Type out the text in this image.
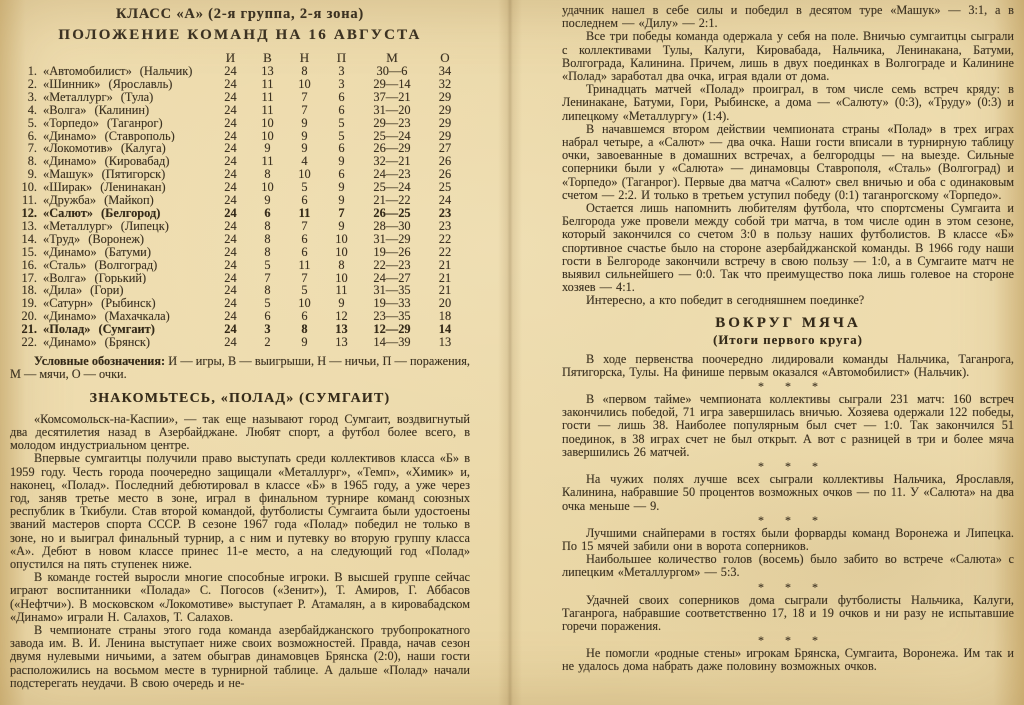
КЛАСС «А» (2-я группа, 2-я зона)
ПОЛОЖЕНИЕ КОМАНД НА 16 АВГУСТА
		И	В	Н	П	М	О
1.	«Автомобилист» (Нальчик)	24	13	8	3	30—6	34
2.	«Шинник» (Ярославль)	24	11	10	3	29—14	32
3.	«Металлург» (Тула)	24	11	7	6	37—21	29
4.	«Волга» (Калинин)	24	11	7	6	31—20	29
5.	«Торпедо» (Таганрог)	24	10	9	5	29—23	29
6.	«Динамо» (Ставрополь)	24	10	9	5	25—24	29
7.	«Локомотив» (Калуга)	24	9	9	6	26—29	27
8.	«Динамо» (Кировабад)	24	11	4	9	32—21	26
9.	«Машук» (Пятигорск)	24	8	10	6	24—23	26
10.	«Ширак» (Ленинакан)	24	10	5	9	25—24	25
11.	«Дружба» (Майкоп)	24	9	6	9	21—22	24
12.	«Салют» (Белгород)	24	6	11	7	26—25	23
13.	«Металлург» (Липецк)	24	8	7	9	28—30	23
14.	«Труд» (Воронеж)	24	8	6	10	31—29	22
15.	«Динамо» (Батуми)	24	8	6	10	19—26	22
16.	«Сталь» (Волгоград)	24	5	11	8	22—23	21
17.	«Волга» (Горький)	24	7	7	10	24—27	21
18.	«Дила» (Гори)	24	8	5	11	31—35	21
19.	«Сатурн» (Рыбинск)	24	5	10	9	19—33	20
20.	«Динамо» (Махачкала)	24	6	6	12	23—35	18
21.	«Полад» (Сумгаит)	24	3	8	13	12—29	14
22.	«Динамо» (Брянск)	24	2	9	13	14—39	13

Условные обозначения: И — игры, В — выигрыши, Н — ничьи, П — поражения, М — мячи, О — очки.

ЗНАКОМЬТЕСЬ, «ПОЛАД» (СУМГАИТ)

«Комсомольск-на-Каспии», — так еще называют город Сумгаит, воздвигнутый два десятилетия назад в Азербайджане. Любят спорт, а футбол более всего, в молодом индустриальном центре.

Впервые сумгаитцы получили право выступать среди коллективов класса «Б» в 1959 году. Честь города поочередно защищали «Металлург», «Темп», «Химик» и, наконец, «Полад». Последний дебютировал в классе «Б» в 1965 году, а уже через год, заняв третье место в зоне, играл в финальном турнире команд союзных республик в Ткибули. Став второй командой, футболисты Сумгаита были удостоены званий мастеров спорта СССР. В сезоне 1967 года «Полад» победил не только в зоне, но и выиграл финальный турнир, а с ним и путевку во вторую группу класса «А». Дебют в новом классе принес 11-е место, а на следующий год «Полад» опустился на пять ступенек ниже.

В команде гостей выросли многие способные игроки. В высшей группе сейчас играют воспитанники «Полада» С. Погосов («Зенит»), Т. Амиров, Г. Аббасов («Нефтчи»). В московском «Локомотиве» выступает Р. Атамалян, а в кировабадском «Динамо» играли Н. Салахов, Т. Салахов.

В чемпионате страны этого года команда азербайджанского трубопрокатного завода им. В. И. Ленина выступает ниже своих возможностей. Правда, начав сезон двумя нулевыми ничьими, а затем обыграв динамовцев Брянска (2:0), наши гости расположились на восьмом месте в турнирной таблице. А дальше «Полад» начали подстерегать неудачи. В свою очередь и не-

удачник нашел в себе силы и победил в десятом туре «Машук» — 3:1, а в последнем — «Дилу» — 2:1.

Все три победы команда одержала у себя на поле. Вничью сумгаитцы сыграли с коллективами Тулы, Калуги, Кировабада, Нальчика, Ленинакана, Батуми, Волгограда, Калинина. Причем, лишь в двух поединках в Волгограде и Калинине «Полад» заработал два очка, играя вдали от дома.

Тринадцать матчей «Полад» проиграл, в том числе семь встреч кряду: в Ленинакане, Батуми, Гори, Рыбинске, а дома — «Салюту» (0:3), «Труду» (0:3) и липецкому «Металлургу» (1:4).

В начавшемся втором действии чемпионата страны «Полад» в трех играх набрал четыре, а «Салют» — два очка. Наши гости вписали в турнирную таблицу очки, завоеванные в домашних встречах, а белгородцы — на выезде. Сильные соперники были у «Салюта» — динамовцы Ставрополя, «Сталь» (Волгоград) и «Торпедо» (Таганрог). Первые два матча «Салют» свел вничью и оба с одинаковым счетом — 2:2. И только в третьем уступил победу (0:1) таганрогскому «Торпедо».

Остается лишь напомнить любителям футбола, что спортсмены Сумгаита и Белгорода уже провели между собой три матча, в том числе один в этом сезоне, который закончился со счетом 3:0 в пользу наших футболистов. В классе «Б» спортивное счастье было на стороне азербайджанской команды. В 1966 году наши гости в Белгороде закончили встречу в свою пользу — 1:0, а в Сумгаите матч не выявил сильнейшего — 0:0. Так что преимущество пока лишь голевое на стороне хозяев — 4:1.

Интересно, а кто победит в сегодняшнем поединке?

ВОКРУГ МЯЧА
(Итоги первого круга)

В ходе первенства поочередно лидировали команды Нальчика, Таганрога, Пятигорска, Тулы. На финише первым оказался «Автомобилист» (Нальчик).

* * *

В «первом тайме» чемпионата коллективы сыграли 231 матч: 160 встреч закончились победой, 71 игра завершилась вничью. Хозяева одержали 122 победы, гости — лишь 38. Наиболее популярным был счет — 1:0. Так закончился 51 поединок, в 38 играх счет не был открыт. А вот с разницей в три и более мяча завершились 26 матчей.

* * *

На чужих полях лучше всех сыграли коллективы Нальчика, Ярославля, Калинина, набравшие 50 процентов возможных очков — по 11. У «Салюта» на два очка меньше — 9.

* * *

Лучшими снайперами в гостях были форварды команд Воронежа и Липецка. По 15 мячей забили они в ворота соперников.

Наибольшее количество голов (восемь) было забито во встрече «Салюта» с липецким «Металлургом» — 5:3.

* * *

Удачней своих соперников дома сыграли футболисты Нальчика, Калуги, Таганрога, набравшие соответственно 17, 18 и 19 очков и ни разу не испытавшие горечи поражения.

* * *

Не помогли «родные стены» игрокам Брянска, Сумгаита, Воронежа. Им так и не удалось дома набрать даже половину возможных очков.
